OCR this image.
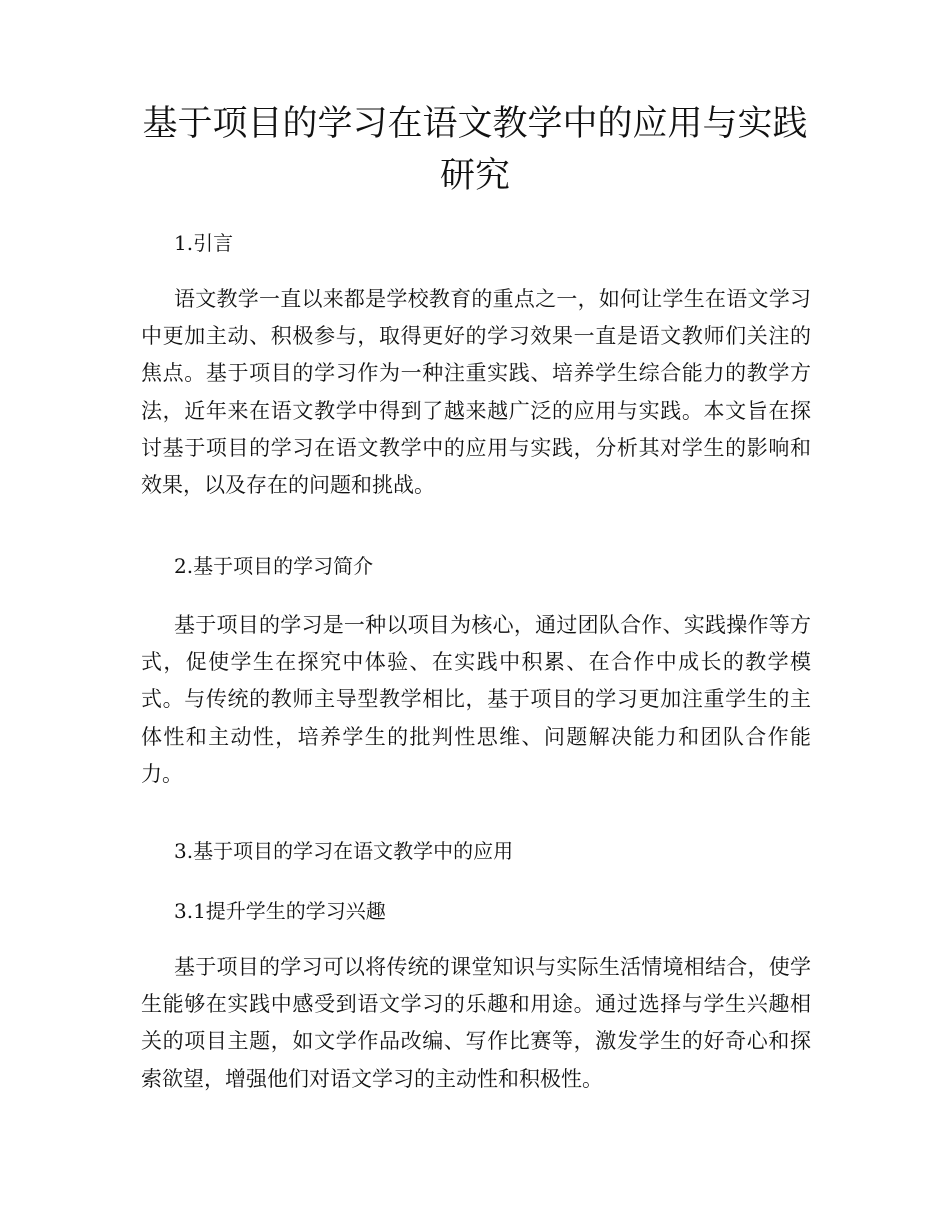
基于项目的学习在语文教学中的应用与实践研究
1.引言

语文教学一直以来都是学校教育的重点之一，如何让学生在语文学习中更加主动、积极参与，取得更好的学习效果一直是语文教师们关注的焦点。基于项目的学习作为一种注重实践、培养学生综合能力的教学方法，近年来在语文教学中得到了越来越广泛的应用与实践。本文旨在探讨基于项目的学习在语文教学中的应用与实践，分析其对学生的影响和效果，以及存在的问题和挑战。

2.基于项目的学习简介

基于项目的学习是一种以项目为核心，通过团队合作、实践操作等方式，促使学生在探究中体验、在实践中积累、在合作中成长的教学模式。与传统的教师主导型教学相比，基于项目的学习更加注重学生的主体性和主动性，培养学生的批判性思维、问题解决能力和团队合作能力。

3.基于项目的学习在语文教学中的应用
3.1提升学生的学习兴趣

基于项目的学习可以将传统的课堂知识与实际生活情境相结合，使学生能够在实践中感受到语文学习的乐趣和用途。通过选择与学生兴趣相关的项目主题，如文学作品改编、写作比赛等，激发学生的好奇心和探索欲望，增强他们对语文学习的主动性和积极性。
